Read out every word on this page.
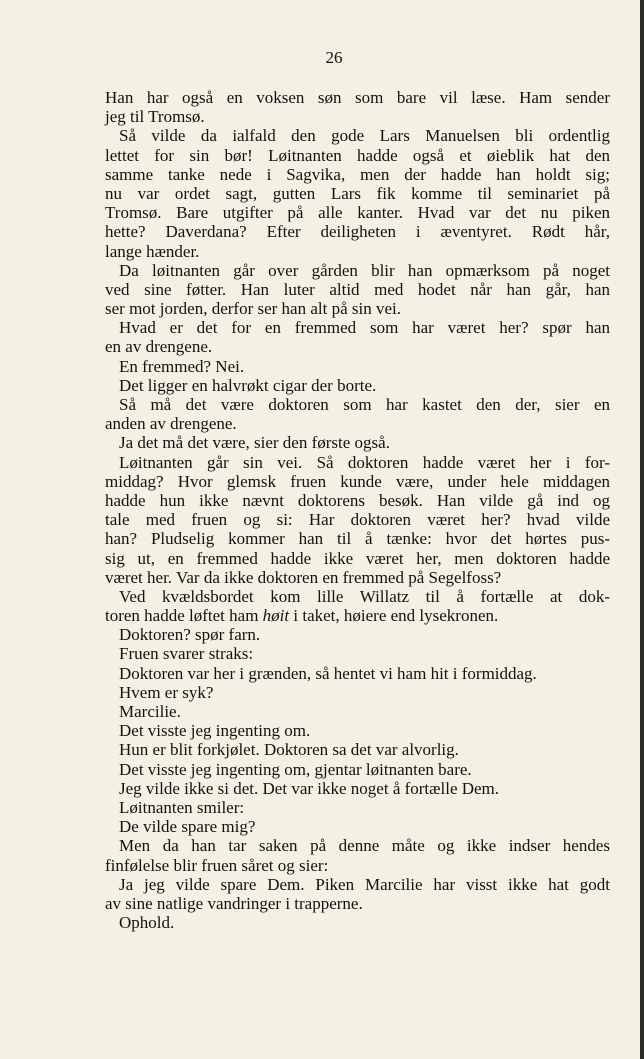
26
Han har også en voksen søn som bare vil læse. Ham sender
jeg til Tromsø.
Så vilde da ialfald den gode Lars Manuelsen bli ordentlig
lettet for sin bør! Løitnanten hadde også et øieblik hat den
samme tanke nede i Sagvika, men der hadde han holdt sig;
nu var ordet sagt, gutten Lars fik komme til seminariet på
Tromsø. Bare utgifter på alle kanter. Hvad var det nu piken
hette? Daverdana? Efter deiligheten i æventyret. Rødt hår,
lange hænder.
Da løitnanten går over gården blir han opmærksom på noget
ved sine føtter. Han luter altid med hodet når han går, han
ser mot jorden, derfor ser han alt på sin vei.
Hvad er det for en fremmed som har været her? spør han
en av drengene.
En fremmed? Nei.
Det ligger en halvrøkt cigar der borte.
Så må det være doktoren som har kastet den der, sier en
anden av drengene.
Ja det må det være, sier den første også.
Løitnanten går sin vei. Så doktoren hadde været her i for-
middag? Hvor glemsk fruen kunde være, under hele middagen
hadde hun ikke nævnt doktorens besøk. Han vilde gå ind og
tale med fruen og si: Har doktoren været her? hvad vilde
han? Pludselig kommer han til å tænke: hvor det hørtes pus-
sig ut, en fremmed hadde ikke været her, men doktoren hadde
været her. Var da ikke doktoren en fremmed på Segelfoss?
Ved kvældsbordet kom lille Willatz til å fortælle at dok-
toren hadde løftet ham høit i taket, høiere end lysekronen.
Doktoren? spør farn.
Fruen svarer straks:
Doktoren var her i grænden, så hentet vi ham hit i formiddag.
Hvem er syk?
Marcilie.
Det visste jeg ingenting om.
Hun er blit forkjølet. Doktoren sa det var alvorlig.
Det visste jeg ingenting om, gjentar løitnanten bare.
Jeg vilde ikke si det. Det var ikke noget å fortælle Dem.
Løitnanten smiler:
De vilde spare mig?
Men da han tar saken på denne måte og ikke indser hendes
finfølelse blir fruen såret og sier:
Ja jeg vilde spare Dem. Piken Marcilie har visst ikke hat godt
av sine natlige vandringer i trapperne.
Ophold.
